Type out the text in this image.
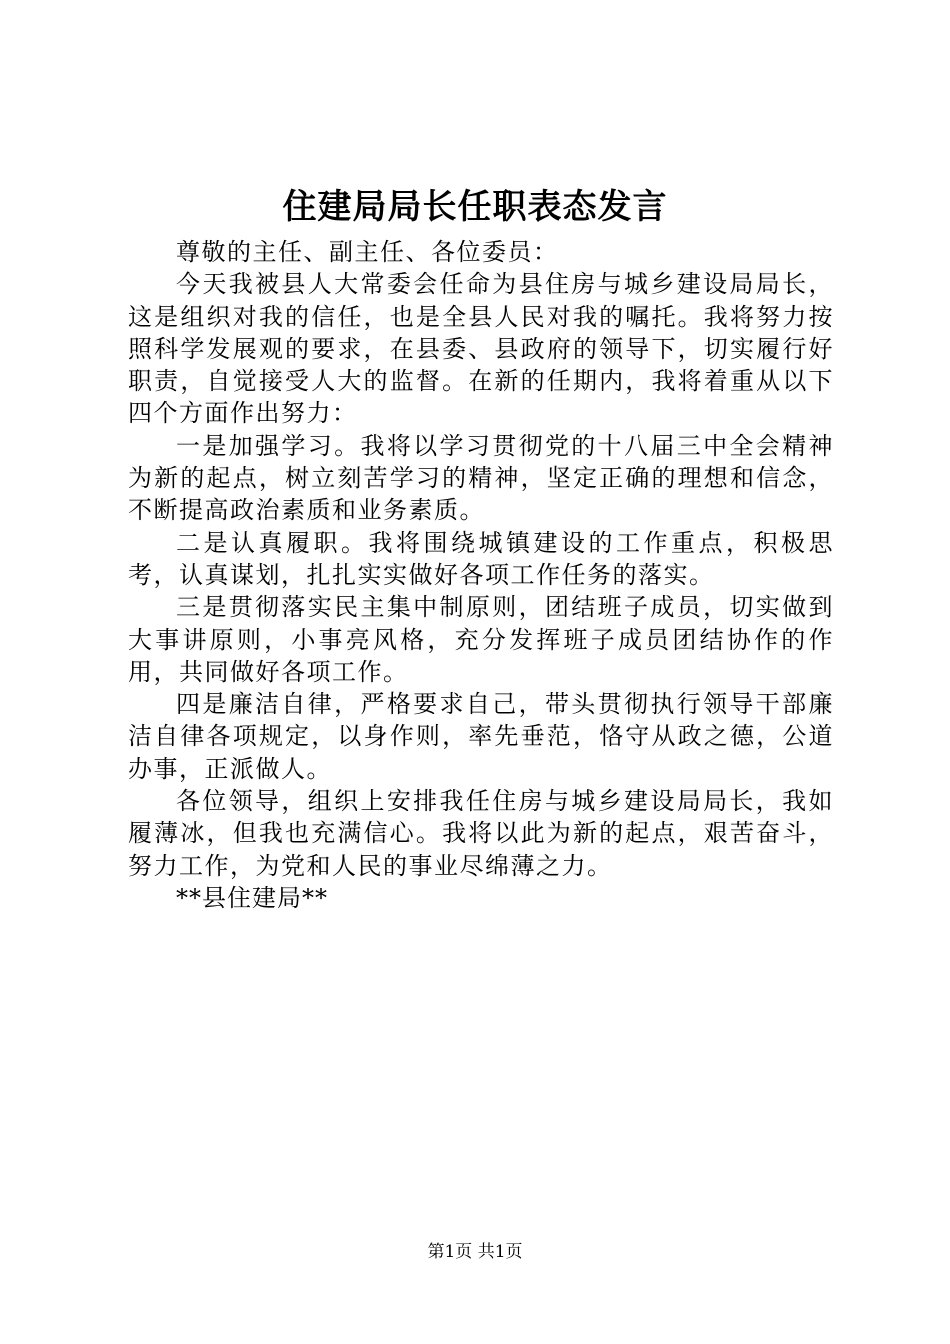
住建局局长任职表态发言

尊敬的主任、副主任、各位委员：

今天我被县人大常委会任命为县住房与城乡建设局局长，这是组织对我的信任，也是全县人民对我的嘱托。我将努力按照科学发展观的要求，在县委、县政府的领导下，切实履行好职责，自觉接受人大的监督。在新的任期内，我将着重从以下四个方面作出努力：

一是加强学习。我将以学习贯彻党的十八届三中全会精神为新的起点，树立刻苦学习的精神，坚定正确的理想和信念，不断提高政治素质和业务素质。

二是认真履职。我将围绕城镇建设的工作重点，积极思考，认真谋划，扎扎实实做好各项工作任务的落实。

三是贯彻落实民主集中制原则，团结班子成员，切实做到大事讲原则，小事亮风格，充分发挥班子成员团结协作的作用，共同做好各项工作。

四是廉洁自律，严格要求自己，带头贯彻执行领导干部廉洁自律各项规定，以身作则，率先垂范，恪守从政之德，公道办事，正派做人。

各位领导，组织上安排我任住房与城乡建设局局长，我如履薄冰，但我也充满信心。我将以此为新的起点，艰苦奋斗，努力工作，为党和人民的事业尽绵薄之力。

**县住建局**

第1页 共1页
